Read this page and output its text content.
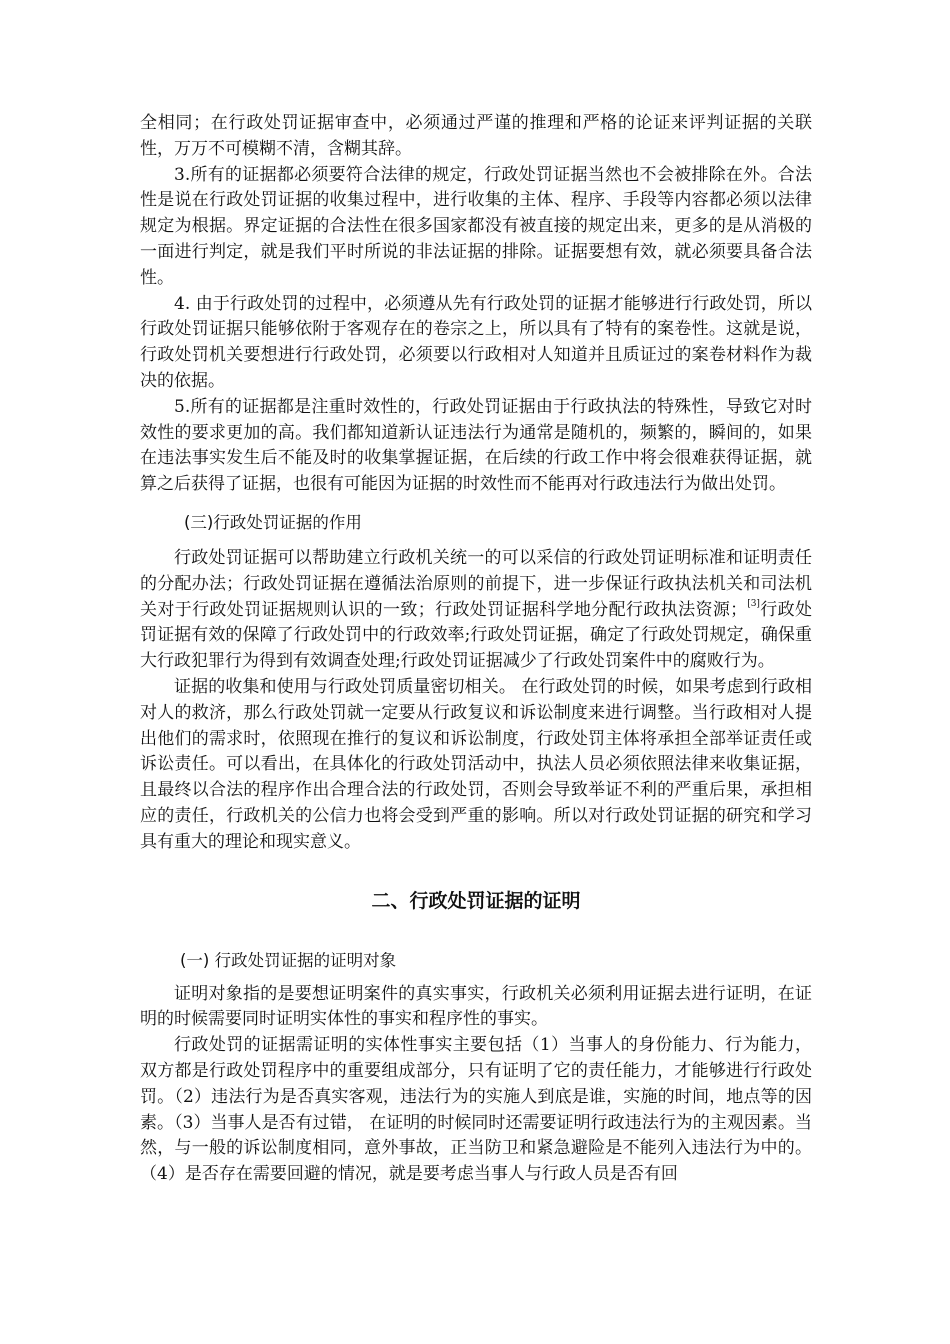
全相同；在行政处罚证据审查中，必须通过严谨的推理和严格的论证来评判证据的关联性，万万不可模糊不清，含糊其辞。

3.所有的证据都必须要符合法律的规定，行政处罚证据当然也不会被排除在外。合法性是说在行政处罚证据的收集过程中，进行收集的主体、程序、手段等内容都必须以法律规定为根据。界定证据的合法性在很多国家都没有被直接的规定出来，更多的是从消极的一面进行判定，就是我们平时所说的非法证据的排除。证据要想有效，就必须要具备合法性。

4. 由于行政处罚的过程中，必须遵从先有行政处罚的证据才能够进行行政处罚，所以行政处罚证据只能够依附于客观存在的卷宗之上，所以具有了特有的案卷性。这就是说，行政处罚机关要想进行行政处罚，必须要以行政相对人知道并且质证过的案卷材料作为裁决的依据。

5.所有的证据都是注重时效性的，行政处罚证据由于行政执法的特殊性，导致它对时效性的要求更加的高。我们都知道新认证违法行为通常是随机的，频繁的，瞬间的，如果在违法事实发生后不能及时的收集掌握证据，在后续的行政工作中将会很难获得证据，就算之后获得了证据，也很有可能因为证据的时效性而不能再对行政违法行为做出处罚。

(三)行政处罚证据的作用

行政处罚证据可以帮助建立行政机关统一的可以采信的行政处罚证明标准和证明责任的分配办法；行政处罚证据在遵循法治原则的前提下，进一步保证行政执法机关和司法机关对于行政处罚证据规则认识的一致；行政处罚证据科学地分配行政执法资源；[3]行政处罚证据有效的保障了行政处罚中的行政效率;行政处罚证据，确定了行政处罚规定，确保重大行政犯罪行为得到有效调查处理;行政处罚证据减少了行政处罚案件中的腐败行为。

证据的收集和使用与行政处罚质量密切相关。 在行政处罚的时候，如果考虑到行政相对人的救济，那么行政处罚就一定要从行政复议和诉讼制度来进行调整。当行政相对人提出他们的需求时，依照现在推行的复议和诉讼制度，行政处罚主体将承担全部举证责任或诉讼责任。可以看出，在具体化的行政处罚活动中，执法人员必须依照法律来收集证据，且最终以合法的程序作出合理合法的行政处罚，否则会导致举证不利的严重后果，承担相应的责任，行政机关的公信力也将会受到严重的影响。所以对行政处罚证据的研究和学习具有重大的理论和现实意义。

二、行政处罚证据的证明
(一) 行政处罚证据的证明对象

证明对象指的是要想证明案件的真实事实，行政机关必须利用证据去进行证明，在证明的时候需要同时证明实体性的事实和程序性的事实。

行政处罚的证据需证明的实体性事实主要包括（1）当事人的身份能力、行为能力，双方都是行政处罚程序中的重要组成部分，只有证明了它的责任能力，才能够进行行政处罚。（2）违法行为是否真实客观，违法行为的实施人到底是谁，实施的时间，地点等的因素。（3）当事人是否有过错， 在证明的时候同时还需要证明行政违法行为的主观因素。当然，与一般的诉讼制度相同，意外事故，正当防卫和紧急避险是不能列入违法行为中的。（4）是否存在需要回避的情况，就是要考虑当事人与行政人员是否有回
